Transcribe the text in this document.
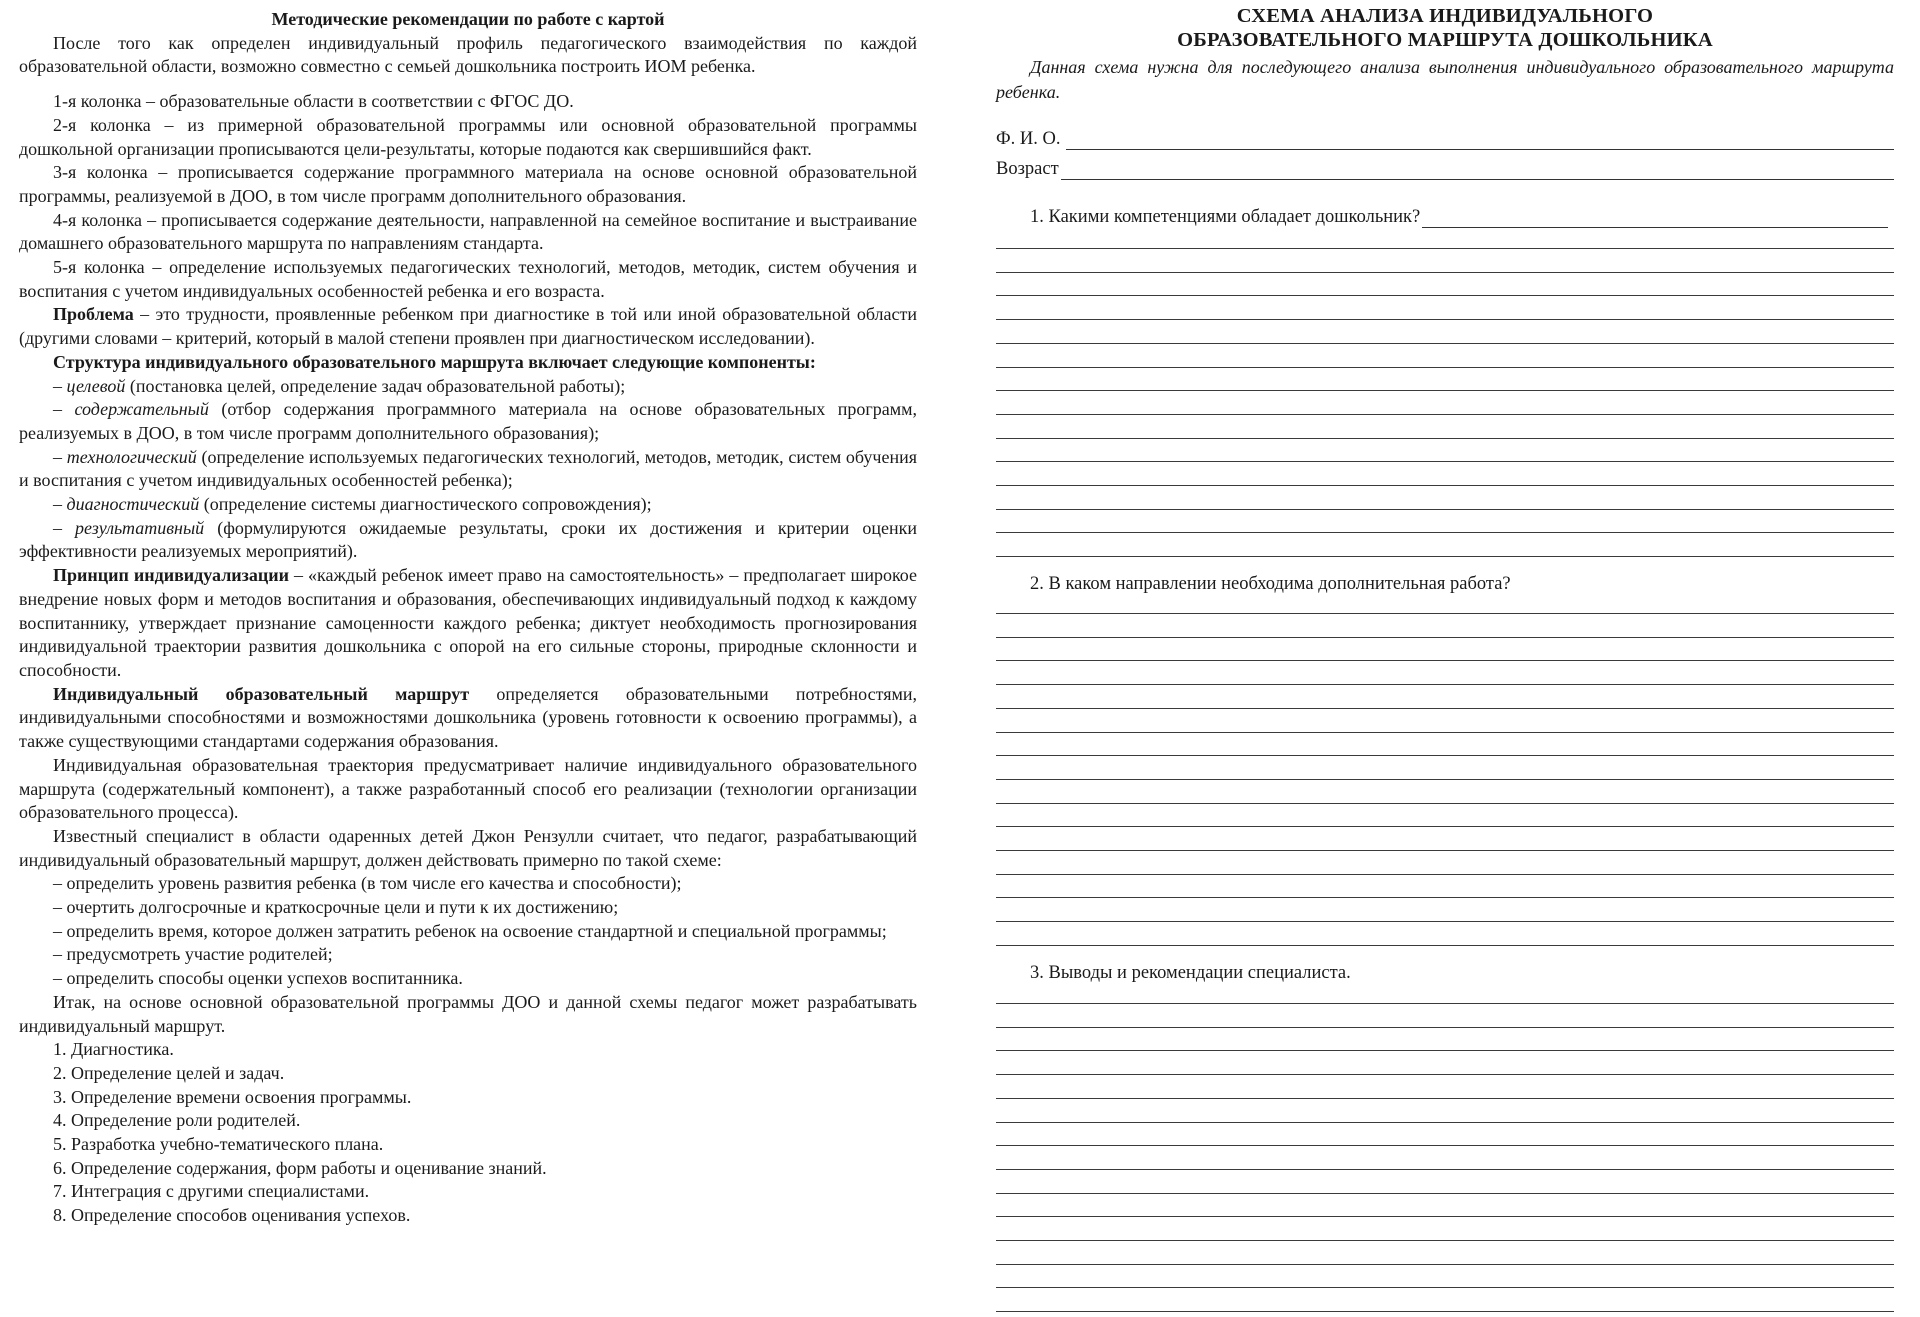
Методические рекомендации по работе с картой

После того как определен индивидуальный профиль педагогического взаимодействия по каждой образовательной области, возможно совместно с семьей дошкольника построить ИОМ ребенка.

1-я колонка – образовательные области в соответствии с ФГОС ДО.

2-я колонка – из примерной образовательной программы или основной образовательной программы дошкольной организации прописываются цели-результаты, которые подаются как свершившийся факт.

3-я колонка – прописывается содержание программного материала на основе основной образовательной программы, реализуемой в ДОО, в том числе программ дополнительного образования.

4-я колонка – прописывается содержание деятельности, направленной на семейное воспитание и выстраивание домашнего образовательного маршрута по направлениям стандарта.

5-я колонка – определение используемых педагогических технологий, методов, методик, систем обучения и воспитания с учетом индивидуальных особенностей ребенка и его возраста.

Проблема – это трудности, проявленные ребенком при диагностике в той или иной образовательной области (другими словами – критерий, который в малой степени проявлен при диагностическом исследовании).

Структура индивидуального образовательного маршрута включает следующие компоненты:

– целевой (постановка целей, определение задач образовательной работы);

– содержательный (отбор содержания программного материала на основе образовательных программ, реализуемых в ДОО, в том числе программ дополнительного образования);

– технологический (определение используемых педагогических технологий, методов, методик, систем обучения и воспитания с учетом индивидуальных особенностей ребенка);

– диагностический (определение системы диагностического сопровождения);

– результативный (формулируются ожидаемые результаты, сроки их достижения и критерии оценки эффективности реализуемых мероприятий).

Принцип индивидуализации – «каждый ребенок имеет право на самостоятельность» – предполагает широкое внедрение новых форм и методов воспитания и образования, обеспечивающих индивидуальный подход к каждому воспитаннику, утверждает признание самоценности каждого ребенка; диктует необходимость прогнозирования индивидуальной траектории развития дошкольника с опорой на его сильные стороны, природные склонности и способности.

Индивидуальный образовательный маршрут определяется образовательными потребностями, индивидуальными способностями и возможностями дошкольника (уровень готовности к освоению программы), а также существующими стандартами содержания образования.

Индивидуальная образовательная траектория предусматривает наличие индивидуального образовательного маршрута (содержательный компонент), а также разработанный способ его реализации (технологии организации образовательного процесса).

Известный специалист в области одаренных детей Джон Рензулли считает, что педагог, разрабатывающий индивидуальный образовательный маршрут, должен действовать примерно по такой схеме:

– определить уровень развития ребенка (в том числе его качества и способности);

– очертить долгосрочные и краткосрочные цели и пути к их достижению;

– определить время, которое должен затратить ребенок на освоение стандартной и специальной программы;

– предусмотреть участие родителей;

– определить способы оценки успехов воспитанника.

Итак, на основе основной образовательной программы ДОО и данной схемы педагог может разрабатывать индивидуальный маршрут.

1. Диагностика.

2. Определение целей и задач.

3. Определение времени освоения программы.

4. Определение роли родителей.

5. Разработка учебно-тематического плана.

6. Определение содержания, форм работы и оценивание знаний.

7. Интеграция с другими специалистами.

8. Определение способов оценивания успехов.

СХЕМА АНАЛИЗА ИНДИВИДУАЛЬНОГО
ОБРАЗОВАТЕЛЬНОГО МАРШРУТА ДОШКОЛЬНИКА
Данная схема нужна для последующего анализа выполнения индивидуального образовательного маршрута ребенка.
Ф. И. О.
Возраст
1. Какими компетенциями обладает дошкольник?
2. В каком направлении необходима дополнительная работа?
3. Выводы и рекомендации специалиста.
